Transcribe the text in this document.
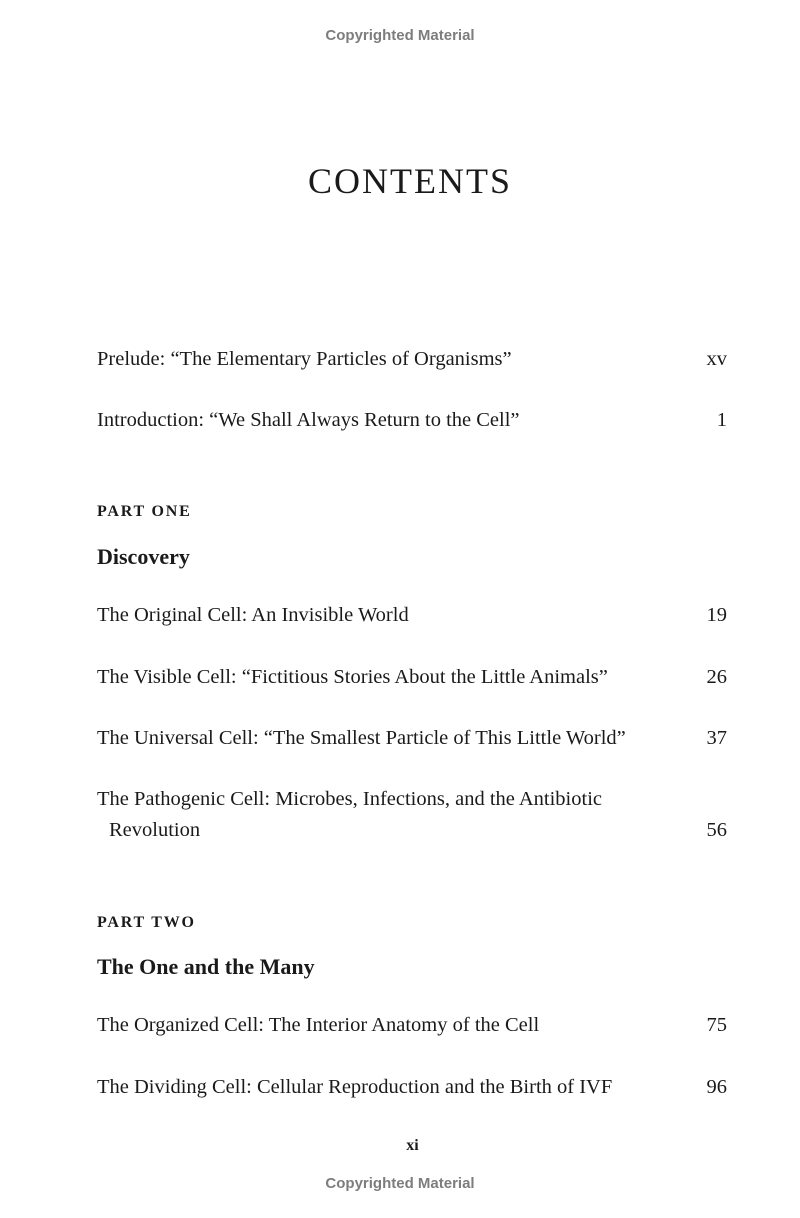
Copyrighted Material
CONTENTS
Prelude: “The Elementary Particles of Organisms”	xv
Introduction: “We Shall Always Return to the Cell”	1
PART ONE
Discovery
The Original Cell: An Invisible World	19
The Visible Cell: “Fictitious Stories About the Little Animals”	26
The Universal Cell: “The Smallest Particle of This Little World”	37
The Pathogenic Cell: Microbes, Infections, and the Antibiotic
Revolution	56
PART TWO
The One and the Many
The Organized Cell: The Interior Anatomy of the Cell	75
The Dividing Cell: Cellular Reproduction and the Birth of IVF	96
xi
Copyrighted Material
